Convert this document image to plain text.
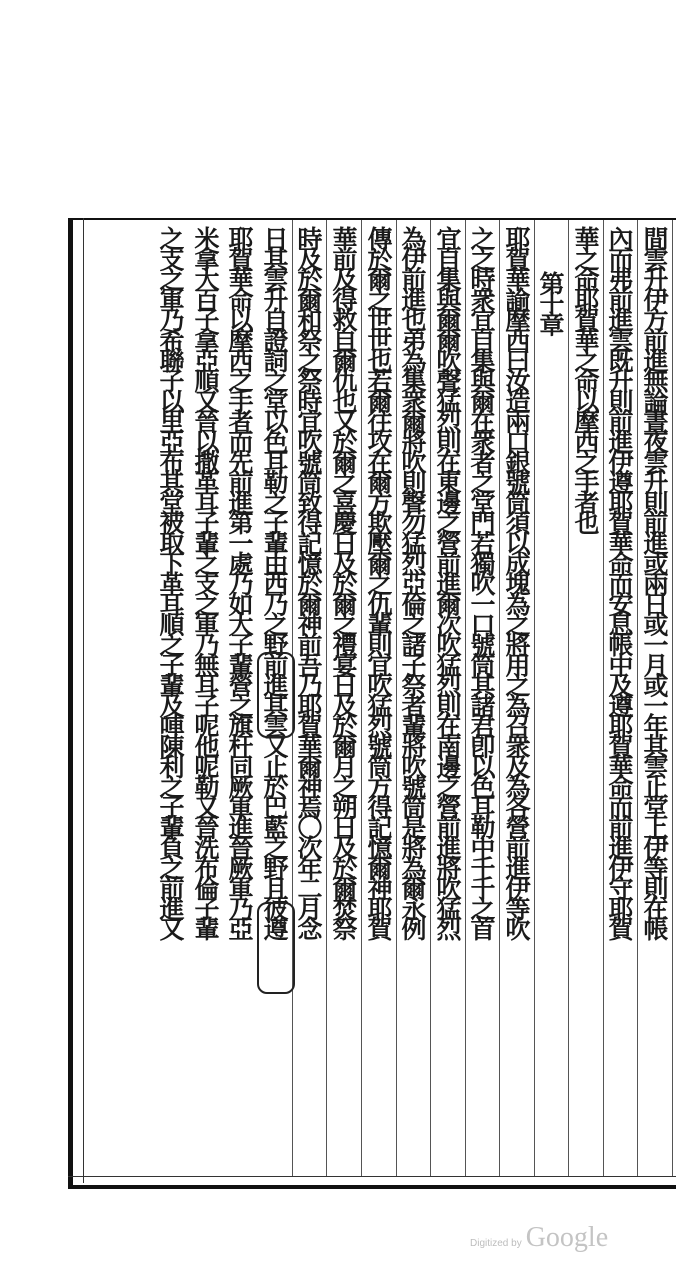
間雲升伊方前進無論晝夜雲升則前進或兩日或一月或一年其雲止堂上伊等則在帳
內而弗前進雲既升則前進伊遵耶賀華命而安息帳中及遵耶賀華命而前進伊守耶賀
華之命耶賀華之命以摩西之手者也
第十章
耶賀華諭摩西曰汝造兩口銀號筒須以成塊為之將用之為召衆及為各營前進伊等吹
之之時衆宜自集與爾在衆者之堂門若獨吹一口號筒其諸君卽以色耳勒中千千之首
宜自集與爾爾吹聲猛烈則在東邊之營前進爾次吹猛烈則在南邊之營前進將吹猛烈
為伊前進也弟為集衆爾將吹則聲勿猛烈亞倫之諸子祭者輩將吹號筒是將為爾永例
傳於爾之世世也若爾往攻在爾方欺壓爾之仇輩則宜吹猛烈號筒方得記憶爾神耶賀
華前及得救自爾仇也又於爾之喜慶日及於爾之禮宴日及於爾月之朔日及於爾焚祭
時及於爾和祭之祭時宜吹號筒致得記憶於爾神前吾乃耶賀華爾神焉〇次年二月念
日其雲升自證詞之堂以色耳勒之子輩由西乃之野前進其雲又止於巴藍之野且彼遵
耶賀華命以摩西之手者而先前進第一處乃如大子輩營之旗杆同厥軍進晉厥軍乃亞
米拿大百子拿亞順又晉以撒革耳子輩之支之軍乃無耳子呢他呢勒又晉洗布倫子輩
Digitized by Google
之支之軍乃希聯子以里亞布其堂被取下革耳順之子輩及唓陳利之子輩負之前進又
